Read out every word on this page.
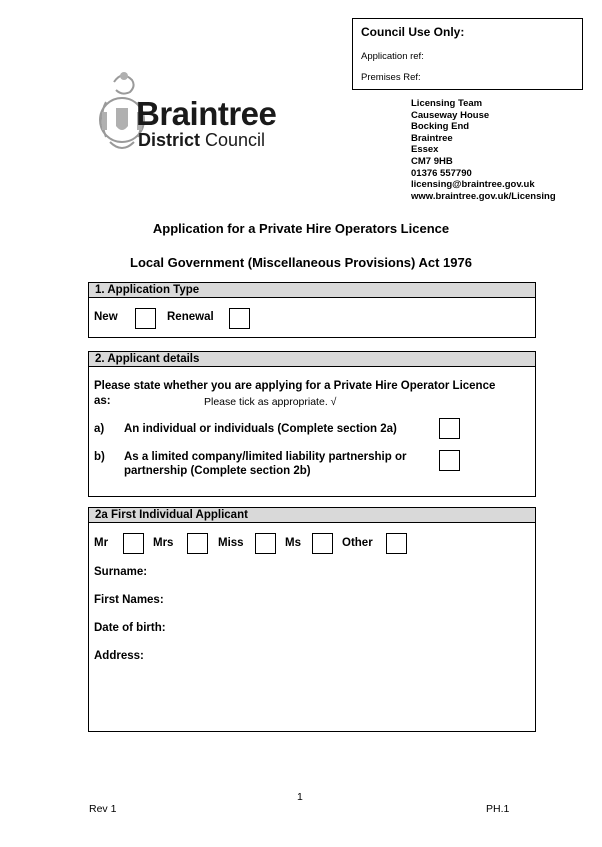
Council Use Only:
Application ref:
Premises Ref:
Braintree
District Council
Licensing Team
Causeway House
Bocking End
Braintree
Essex
CM7 9HB
01376 557790
licensing@braintree.gov.uk
www.braintree.gov.uk/Licensing
Application for a Private Hire Operators Licence
Local Government (Miscellaneous Provisions) Act 1976
1. Application Type
New	Renewal
2. Applicant details
Please state whether you are applying for a Private Hire Operator Licence
as:	Please tick as appropriate. √
a) An individual or individuals (Complete section 2a)
b) As a limited company/limited liability partnership or
partnership (Complete section 2b)
2a First Individual Applicant
Mr	Mrs	Miss	Ms	Other
Surname:
First Names:
Date of birth:
Address:
1
Rev 1	PH.1
